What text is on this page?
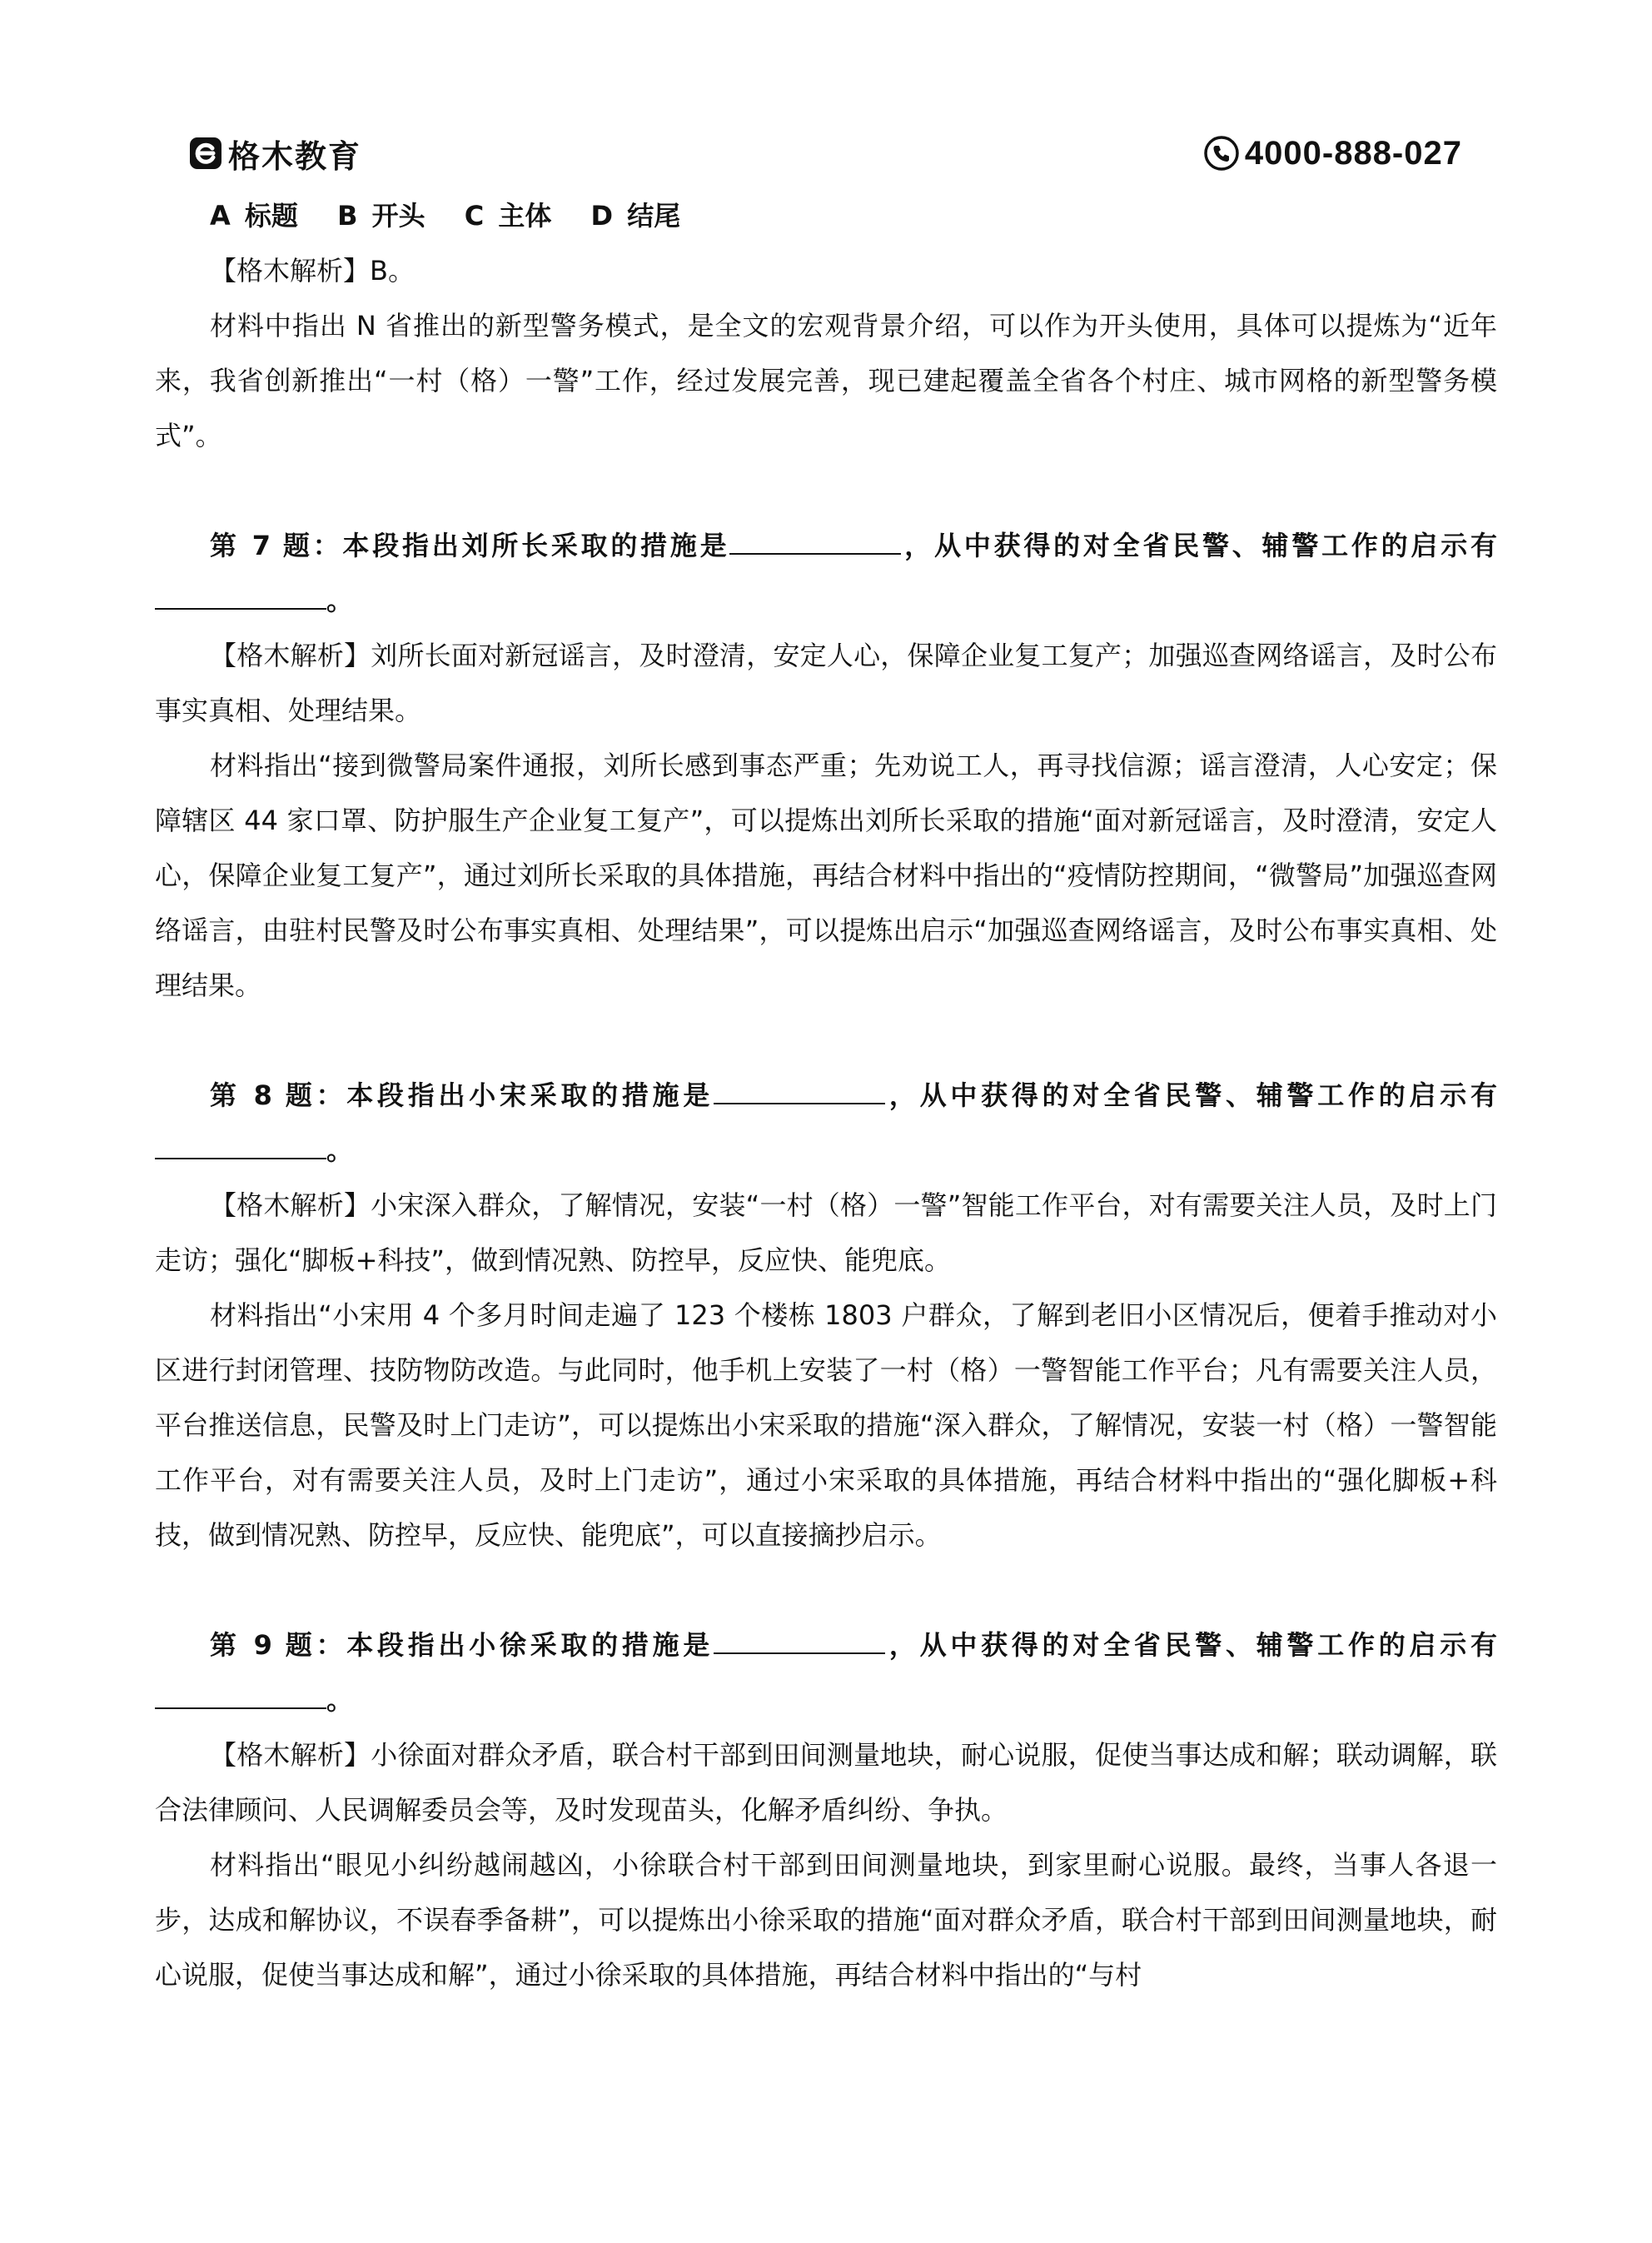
格木教育	4000-888-027

A 标题 B 开头 C 主体 D 结尾

【格木解析】B。

材料中指出 N 省推出的新型警务模式，是全文的宏观背景介绍，可以作为开头使用，具体可以提炼为“近年来，我省创新推出“一村（格）一警”工作，经过发展完善，现已建起覆盖全省各个村庄、城市网格的新型警务模式”。

第 7 题：本段指出刘所长采取的措施是	，从中获得的对全省民警、辅警工作的启示有。

【格木解析】刘所长面对新冠谣言，及时澄清，安定人心，保障企业复工复产；加强巡查网络谣言，及时公布事实真相、处理结果。

材料指出“接到微警局案件通报，刘所长感到事态严重；先劝说工人，再寻找信源；谣言澄清，人心安定；保障辖区 44 家口罩、防护服生产企业复工复产”，可以提炼出刘所长采取的措施“面对新冠谣言，及时澄清，安定人心，保障企业复工复产”，通过刘所长采取的具体措施，再结合材料中指出的“疫情防控期间，“微警局”加强巡查网络谣言，由驻村民警及时公布事实真相、处理结果”，可以提炼出启示“加强巡查网络谣言，及时公布事实真相、处理结果。

第 8 题：本段指出小宋采取的措施是	，从中获得的对全省民警、辅警工作的启示有。

【格木解析】小宋深入群众，了解情况，安装“一村（格）一警”智能工作平台，对有需要关注人员，及时上门走访；强化“脚板+科技”，做到情况熟、防控早，反应快、能兜底。

材料指出“小宋用 4 个多月时间走遍了 123 个楼栋 1803 户群众，了解到老旧小区情况后，便着手推动对小区进行封闭管理、技防物防改造。与此同时，他手机上安装了一村（格）一警智能工作平台；凡有需要关注人员，平台推送信息，民警及时上门走访”，可以提炼出小宋采取的措施“深入群众，了解情况，安装一村（格）一警智能工作平台，对有需要关注人员，及时上门走访”，通过小宋采取的具体措施，再结合材料中指出的“强化脚板+科技，做到情况熟、防控早，反应快、能兜底”，可以直接摘抄启示。

第 9 题：本段指出小徐采取的措施是	，从中获得的对全省民警、辅警工作的启示有。

【格木解析】小徐面对群众矛盾，联合村干部到田间测量地块，耐心说服，促使当事达成和解；联动调解，联合法律顾问、人民调解委员会等，及时发现苗头，化解矛盾纠纷、争执。

材料指出“眼见小纠纷越闹越凶，小徐联合村干部到田间测量地块，到家里耐心说服。最终，当事人各退一步，达成和解协议，不误春季备耕”，可以提炼出小徐采取的措施“面对群众矛盾，联合村干部到田间测量地块，耐心说服，促使当事达成和解”，通过小徐采取的具体措施，再结合材料中指出的“与村
